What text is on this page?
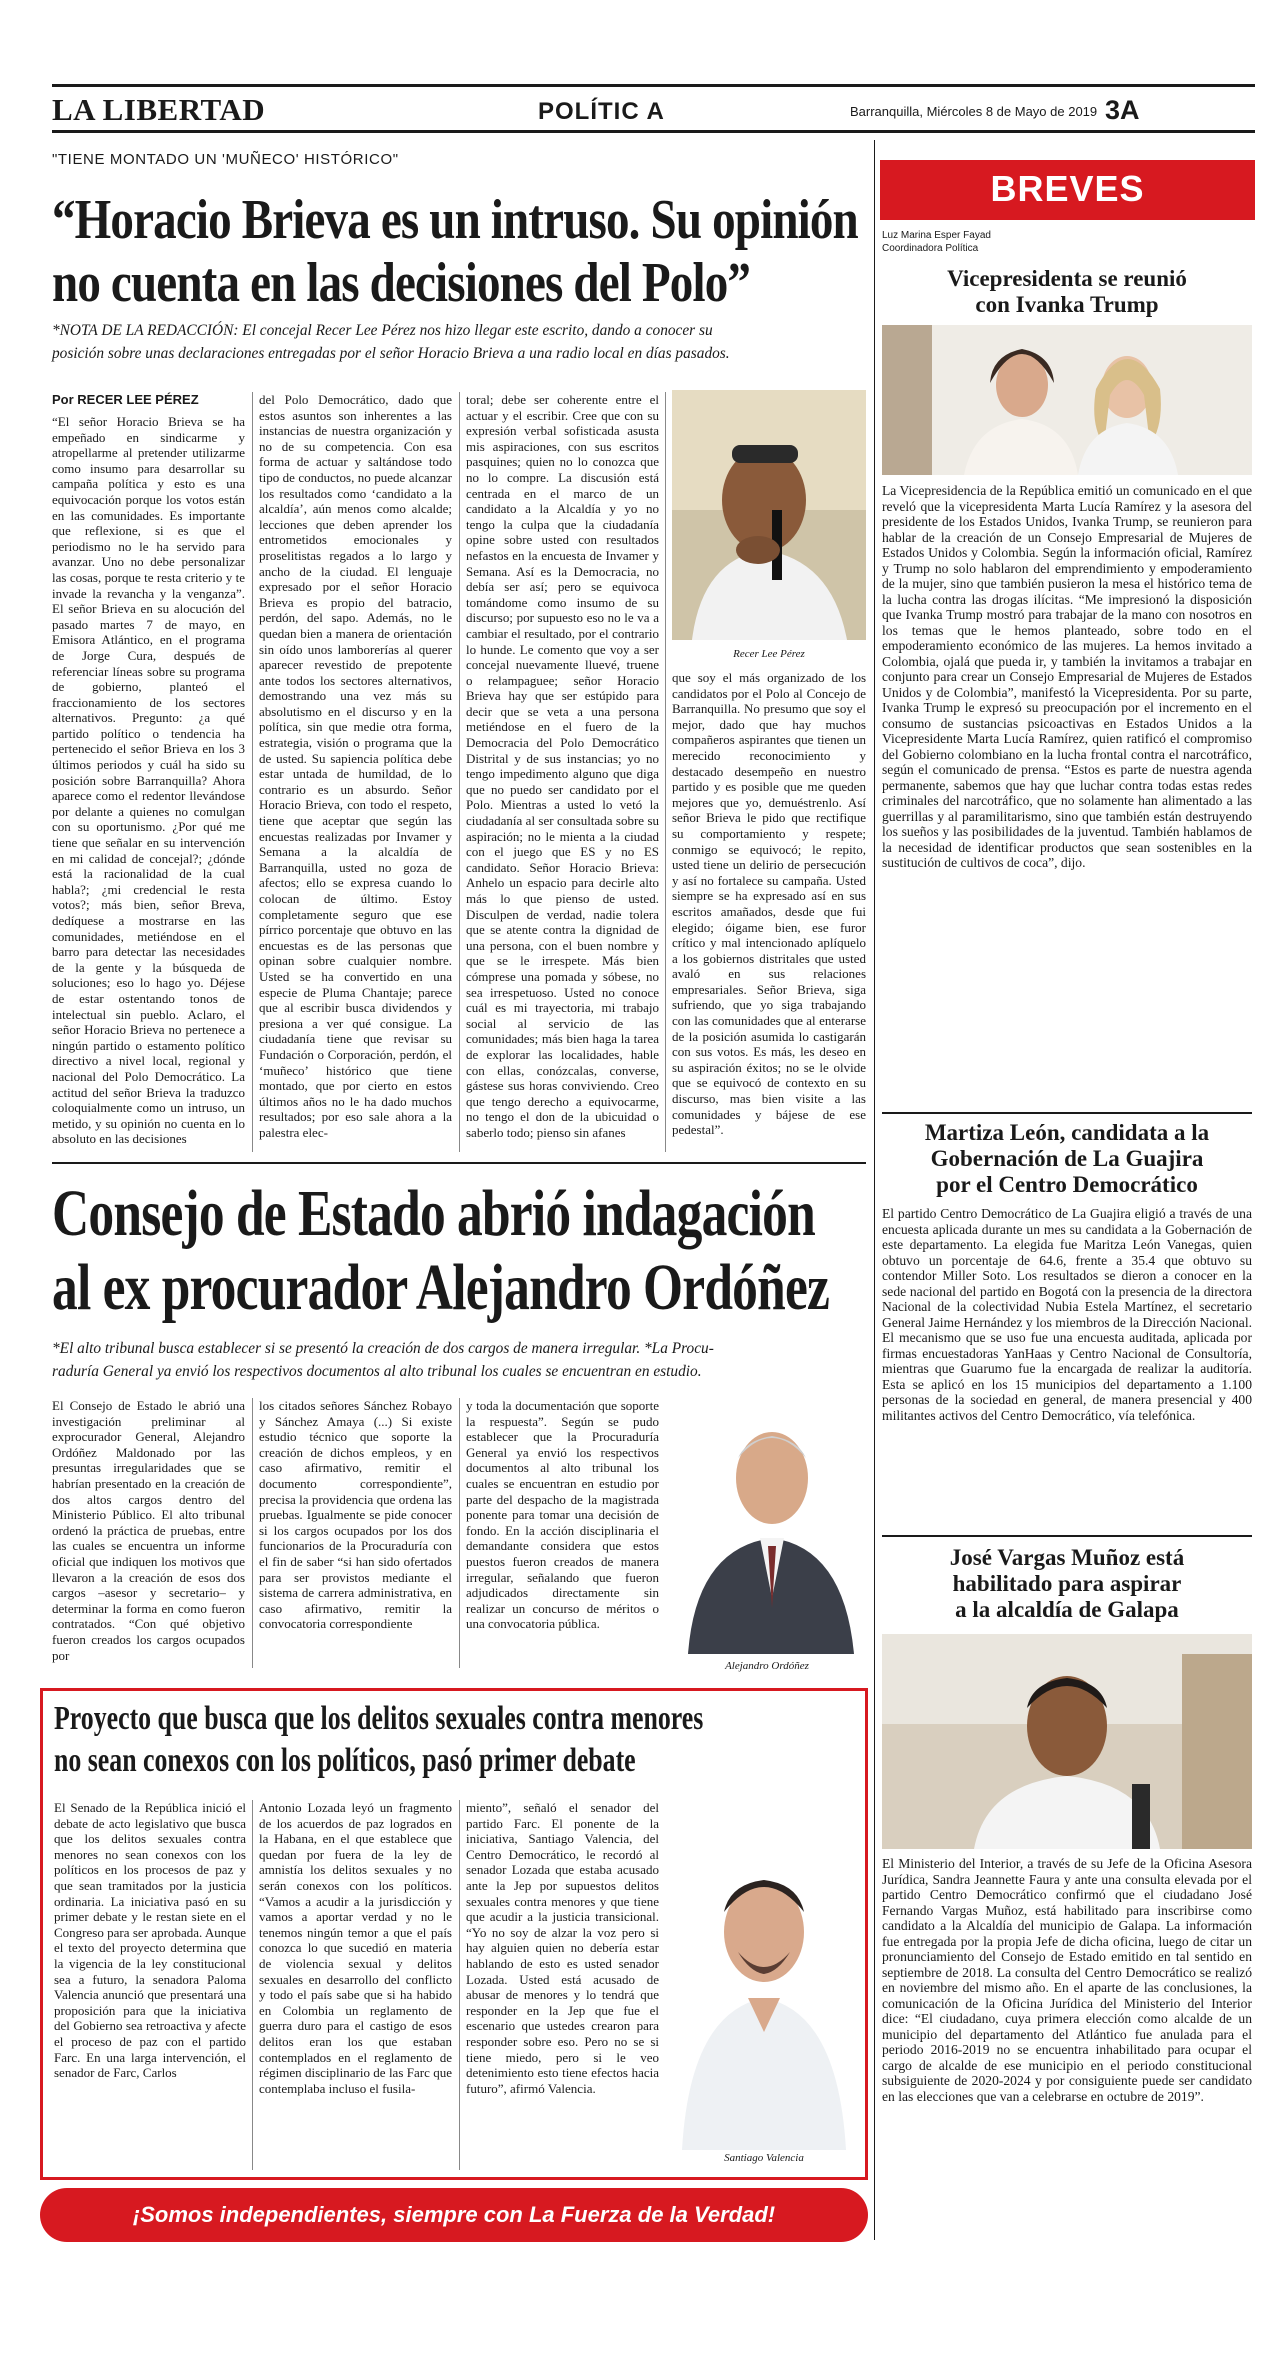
LA LIBERTAD	POLÍTIC A	Barranquilla, Miércoles 8 de Mayo de 2019 3A
"TIENE MONTADO UN 'MUÑECO' HISTÓRICO"
“Horacio Brieva es un intruso. Su opinión
no cuenta en las decisiones del Polo”
*NOTA DE LA REDACCIÓN: El concejal Recer Lee Pérez nos hizo llegar este escrito, dando a conocer su
posición sobre unas declaraciones entregadas por el señor Horacio Brieva a una radio local en días pasados.
Por RECER LEE PÉREZ
“El señor Horacio Brieva se ha empeñado en sindicarme y atropellarme al pretender utilizarme como insumo para desarrollar su campaña política y esto es una equivocación porque los votos están en las comunidades. Es importante que reflexione, si es que el periodismo no le ha servido para avanzar. Uno no debe personalizar las cosas, porque te resta criterio y te invade la revancha y la venganza”. El señor Brieva en su alocución del pasado martes 7 de mayo, en Emisora Atlántico, en el programa de Jorge Cura, después de referenciar líneas sobre su programa de gobierno, planteó el fraccionamiento de los sectores alternativos. Pregunto: ¿a qué partido político o tendencia ha pertenecido el señor Brieva en los 3 últimos periodos y cuál ha sido su posición sobre Barranquilla? Ahora aparece como el redentor llevándose por delante a quienes no comulgan con su oportunismo. ¿Por qué me tiene que señalar en su intervención en mi calidad de concejal?; ¿dónde está la racionalidad de la cual habla?; ¿mi credencial le resta votos?; más bien, señor Breva, dedíquese a mostrarse en las comunidades, metiéndose en el barro para detectar las necesidades de la gente y la búsqueda de soluciones; eso lo hago yo. Déjese de estar ostentando tonos de intelectual sin pueblo. Aclaro, el señor Horacio Brieva no pertenece a ningún partido o estamento político directivo a nivel local, regional y nacional del Polo Democrático. La actitud del señor Brieva la traduzco coloquialmente como un intruso, un metido, y su opinión no cuenta en lo absoluto en las decisiones
del Polo Democrático, dado que estos asuntos son inherentes a las instancias de nuestra organización y no de su competencia. Con esa forma de actuar y saltándose todo tipo de conductos, no puede alcanzar los resultados como ‘candidato a la alcaldía’, aún menos como alcalde; lecciones que deben aprender los entrometidos emocionales y proselitistas regados a lo largo y ancho de la ciudad. El lenguaje expresado por el señor Horacio Brieva es propio del batracio, perdón, del sapo. Además, no le quedan bien a manera de orientación sin oído unos lamborerías al querer aparecer revestido de prepotente ante todos los sectores alternativos, demostrando una vez más su absolutismo en el discurso y en la política, sin que medie otra forma, estrategia, visión o programa que la de usted. Su sapiencia política debe estar untada de humildad, de lo contrario es un absurdo. Señor Horacio Brieva, con todo el respeto, tiene que aceptar que según las encuestas realizadas por Invamer y Semana a la alcaldía de Barranquilla, usted no goza de afectos; ello se expresa cuando lo colocan de último. Estoy completamente seguro que ese pírrico porcentaje que obtuvo en las encuestas es de las personas que opinan sobre cualquier nombre. Usted se ha convertido en una especie de Pluma Chantaje; parece que al escribir busca dividendos y presiona a ver qué consigue. La ciudadanía tiene que revisar su Fundación o Corporación, perdón, el ‘muñeco’ histórico que tiene montado, que por cierto en estos últimos años no le ha dado muchos resultados; por eso sale ahora a la palestra elec-
toral; debe ser coherente entre el actuar y el escribir. Cree que con su expresión verbal sofisticada asusta mis aspiraciones, con sus escritos pasquines; quien no lo conozca que no lo compre. La discusión está centrada en el marco de un candidato a la Alcaldía y yo no tengo la culpa que la ciudadanía opine sobre usted con resultados nefastos en la encuesta de Invamer y Semana. Así es la Democracia, no debía ser así; pero se equivoca tomándome como insumo de su discurso; por supuesto eso no le va a cambiar el resultado, por el contrario lo hunde. Le comento que voy a ser concejal nuevamente lluevé, truene o relampaguee; señor Horacio Brieva hay que ser estúpido para decir que se veta a una persona metiéndose en el fuero de la Democracia del Polo Democrático Distrital y de sus instancias; yo no tengo impedimento alguno que diga que no puedo ser candidato por el Polo. Mientras a usted lo vetó la ciudadanía al ser consultada sobre su aspiración; no le mienta a la ciudad con el juego que ES y no ES candidato. Señor Horacio Brieva: Anhelo un espacio para decirle alto más lo que pienso de usted. Disculpen de verdad, nadie tolera que se atente contra la dignidad de una persona, con el buen nombre y que se le irrespete. Más bien cómprese una pomada y sóbese, no sea irrespetuoso. Usted no conoce cuál es mi trayectoria, mi trabajo social al servicio de las comunidades; más bien haga la tarea de explorar las localidades, hable con ellas, conózcalas, converse, gástese sus horas conviviendo. Creo que tengo derecho a equivocarme, no tengo el don de la ubicuidad o saberlo todo; pienso sin afanes
Recer Lee Pérez
que soy el más organizado de los candidatos por el Polo al Concejo de Barranquilla. No presumo que soy el mejor, dado que hay muchos compañeros aspirantes que tienen un merecido reconocimiento y destacado desempeño en nuestro partido y es posible que me queden mejores que yo, demuéstrenlo. Así señor Brieva le pido que rectifique su comportamiento y respete; conmigo se equivocó; le repito, usted tiene un delirio de persecución y así no fortalece su campaña. Usted siempre se ha expresado así en sus escritos amañados, desde que fui elegido; óigame bien, ese furor crítico y mal intencionado aplíquelo a los gobiernos distritales que usted avaló en sus relaciones empresariales. Señor Brieva, siga sufriendo, que yo siga trabajando con las comunidades que al enterarse de la posición asumida lo castigarán con sus votos. Es más, les deseo en su aspiración éxitos; no se le olvide que se equivocó de contexto en su discurso, mas bien visite a las comunidades y bájese de ese pedestal”.
Consejo de Estado abrió indagación
al ex procurador Alejandro Ordóñez
*El alto tribunal busca establecer si se presentó la creación de dos cargos de manera irregular. *La Procu-
raduría General ya envió los respectivos documentos al alto tribunal los cuales se encuentran en estudio.
El Consejo de Estado le abrió una investigación preliminar al exprocurador General, Alejandro Ordóñez Maldonado por las presuntas irregularidades que se habrían presentado en la creación de dos altos cargos dentro del Ministerio Público. El alto tribunal ordenó la práctica de pruebas, entre las cuales se encuentra un informe oficial que indiquen los motivos que llevaron a la creación de esos dos cargos –asesor y secretario– y determinar la forma en como fueron contratados. “Con qué objetivo fueron creados los cargos ocupados por
los citados señores Sánchez Robayo y Sánchez Amaya (...) Si existe estudio técnico que soporte la creación de dichos empleos, y en caso afirmativo, remitir el documento correspondiente”, precisa la providencia que ordena las pruebas. Igualmente se pide conocer si los cargos ocupados por los dos funcionarios de la Procuraduría con el fin de saber “si han sido ofertados para ser provistos mediante el sistema de carrera administrativa, en caso afirmativo, remitir la convocatoria correspondiente
y toda la documentación que soporte la respuesta”. Según se pudo establecer que la Procuraduría General ya envió los respectivos documentos al alto tribunal los cuales se encuentran en estudio por parte del despacho de la magistrada ponente para tomar una decisión de fondo. En la acción disciplinaria el demandante considera que estos puestos fueron creados de manera irregular, señalando que fueron adjudicados directamente sin realizar un concurso de méritos o una convocatoria pública.
Alejandro Ordóñez
Proyecto que busca que los delitos sexuales contra menores
no sean conexos con los políticos, pasó primer debate
El Senado de la República inició el debate de acto legislativo que busca que los delitos sexuales contra menores no sean conexos con los políticos en los procesos de paz y que sean tramitados por la justicia ordinaria. La iniciativa pasó en su primer debate y le restan siete en el Congreso para ser aprobada. Aunque el texto del proyecto determina que la vigencia de la ley constitucional sea a futuro, la senadora Paloma Valencia anunció que presentará una proposición para que la iniciativa del Gobierno sea retroactiva y afecte el proceso de paz con el partido Farc. En una larga intervención, el senador de Farc, Carlos
Antonio Lozada leyó un fragmento de los acuerdos de paz logrados en la Habana, en el que establece que quedan por fuera de la ley de amnistía los delitos sexuales y no serán conexos con los políticos. “Vamos a acudir a la jurisdicción y vamos a aportar verdad y no le tenemos ningún temor a que el país conozca lo que sucedió en materia de violencia sexual y delitos sexuales en desarrollo del conflicto y todo el país sabe que si ha habido en Colombia un reglamento de guerra duro para el castigo de esos delitos eran los que estaban contemplados en el reglamento de régimen disciplinario de las Farc que contemplaba incluso el fusila-
miento”, señaló el senador del partido Farc. El ponente de la iniciativa, Santiago Valencia, del Centro Democrático, le recordó al senador Lozada que estaba acusado ante la Jep por supuestos delitos sexuales contra menores y que tiene que acudir a la justicia transicional. “Yo no soy de alzar la voz pero si hay alguien quien no debería estar hablando de esto es usted senador Lozada. Usted está acusado de abusar de menores y lo tendrá que responder en la Jep que fue el escenario que ustedes crearon para responder sobre eso. Pero no se si tiene miedo, pero si le veo detenimiento esto tiene efectos hacia futuro”, afirmó Valencia.
Santiago Valencia
¡Somos independientes, siempre con La Fuerza de la Verdad!
BREVES
Luz Marina Esper Fayad
Coordinadora Política
Vicepresidenta se reunió
con Ivanka Trump
La Vicepresidencia de la República emitió un comunicado en el que reveló que la vicepresidenta Marta Lucía Ramírez y la asesora del presidente de los Estados Unidos, Ivanka Trump, se reunieron para hablar de la creación de un Consejo Empresarial de Mujeres de Estados Unidos y Colombia. Según la información oficial, Ramírez y Trump no solo hablaron del emprendimiento y empoderamiento de la mujer, sino que también pusieron la mesa el histórico tema de la lucha contra las drogas ilícitas. “Me impresionó la disposición que Ivanka Trump mostró para trabajar de la mano con nosotros en los temas que le hemos planteado, sobre todo en el empoderamiento económico de las mujeres. La hemos invitado a Colombia, ojalá que pueda ir, y también la invitamos a trabajar en conjunto para crear un Consejo Empresarial de Mujeres de Estados Unidos y de Colombia”, manifestó la Vicepresidenta. Por su parte, Ivanka Trump le expresó su preocupación por el incremento en el consumo de sustancias psicoactivas en Estados Unidos a la Vicepresidente Marta Lucía Ramírez, quien ratificó el compromiso del Gobierno colombiano en la lucha frontal contra el narcotráfico, según el comunicado de prensa. “Estos es parte de nuestra agenda permanente, sabemos que hay que luchar contra todas estas redes criminales del narcotráfico, que no solamente han alimentado a las guerrillas y al paramilitarismo, sino que también están destruyendo los sueños y las posibilidades de la juventud. También hablamos de la necesidad de identificar productos que sean sostenibles en la sustitución de cultivos de coca”, dijo.
Martiza León, candidata a la
Gobernación de La Guajira
por el Centro Democrático
El partido Centro Democrático de La Guajira eligió a través de una encuesta aplicada durante un mes su candidata a la Gobernación de este departamento. La elegida fue Maritza León Vanegas, quien obtuvo un porcentaje de 64.6, frente a 35.4 que obtuvo su contendor Miller Soto. Los resultados se dieron a conocer en la sede nacional del partido en Bogotá con la presencia de la directora Nacional de la colectividad Nubia Estela Martínez, el secretario General Jaime Hernández y los miembros de la Dirección Nacional. El mecanismo que se uso fue una encuesta auditada, aplicada por firmas encuestadoras YanHaas y Centro Nacional de Consultoría, mientras que Guarumo fue la encargada de realizar la auditoría. Esta se aplicó en los 15 municipios del departamento a 1.100 personas de la sociedad en general, de manera presencial y 400 militantes activos del Centro Democrático, vía telefónica.
José Vargas Muñoz está
habilitado para aspirar
a la alcaldía de Galapa
El Ministerio del Interior, a través de su Jefe de la Oficina Asesora Jurídica, Sandra Jeannette Faura y ante una consulta elevada por el partido Centro Democrático confirmó que el ciudadano José Fernando Vargas Muñoz, está habilitado para inscribirse como candidato a la Alcaldía del municipio de Galapa. La información fue entregada por la propia Jefe de dicha oficina, luego de citar un pronunciamiento del Consejo de Estado emitido en tal sentido en septiembre de 2018. La consulta del Centro Democrático se realizó en noviembre del mismo año. En el aparte de las conclusiones, la comunicación de la Oficina Jurídica del Ministerio del Interior dice: “El ciudadano, cuya primera elección como alcalde de un municipio del departamento del Atlántico fue anulada para el periodo 2016-2019 no se encuentra inhabilitado para ocupar el cargo de alcalde de ese municipio en el periodo constitucional subsiguiente de 2020-2024 y por consiguiente puede ser candidato en las elecciones que van a celebrarse en octubre de 2019”.
